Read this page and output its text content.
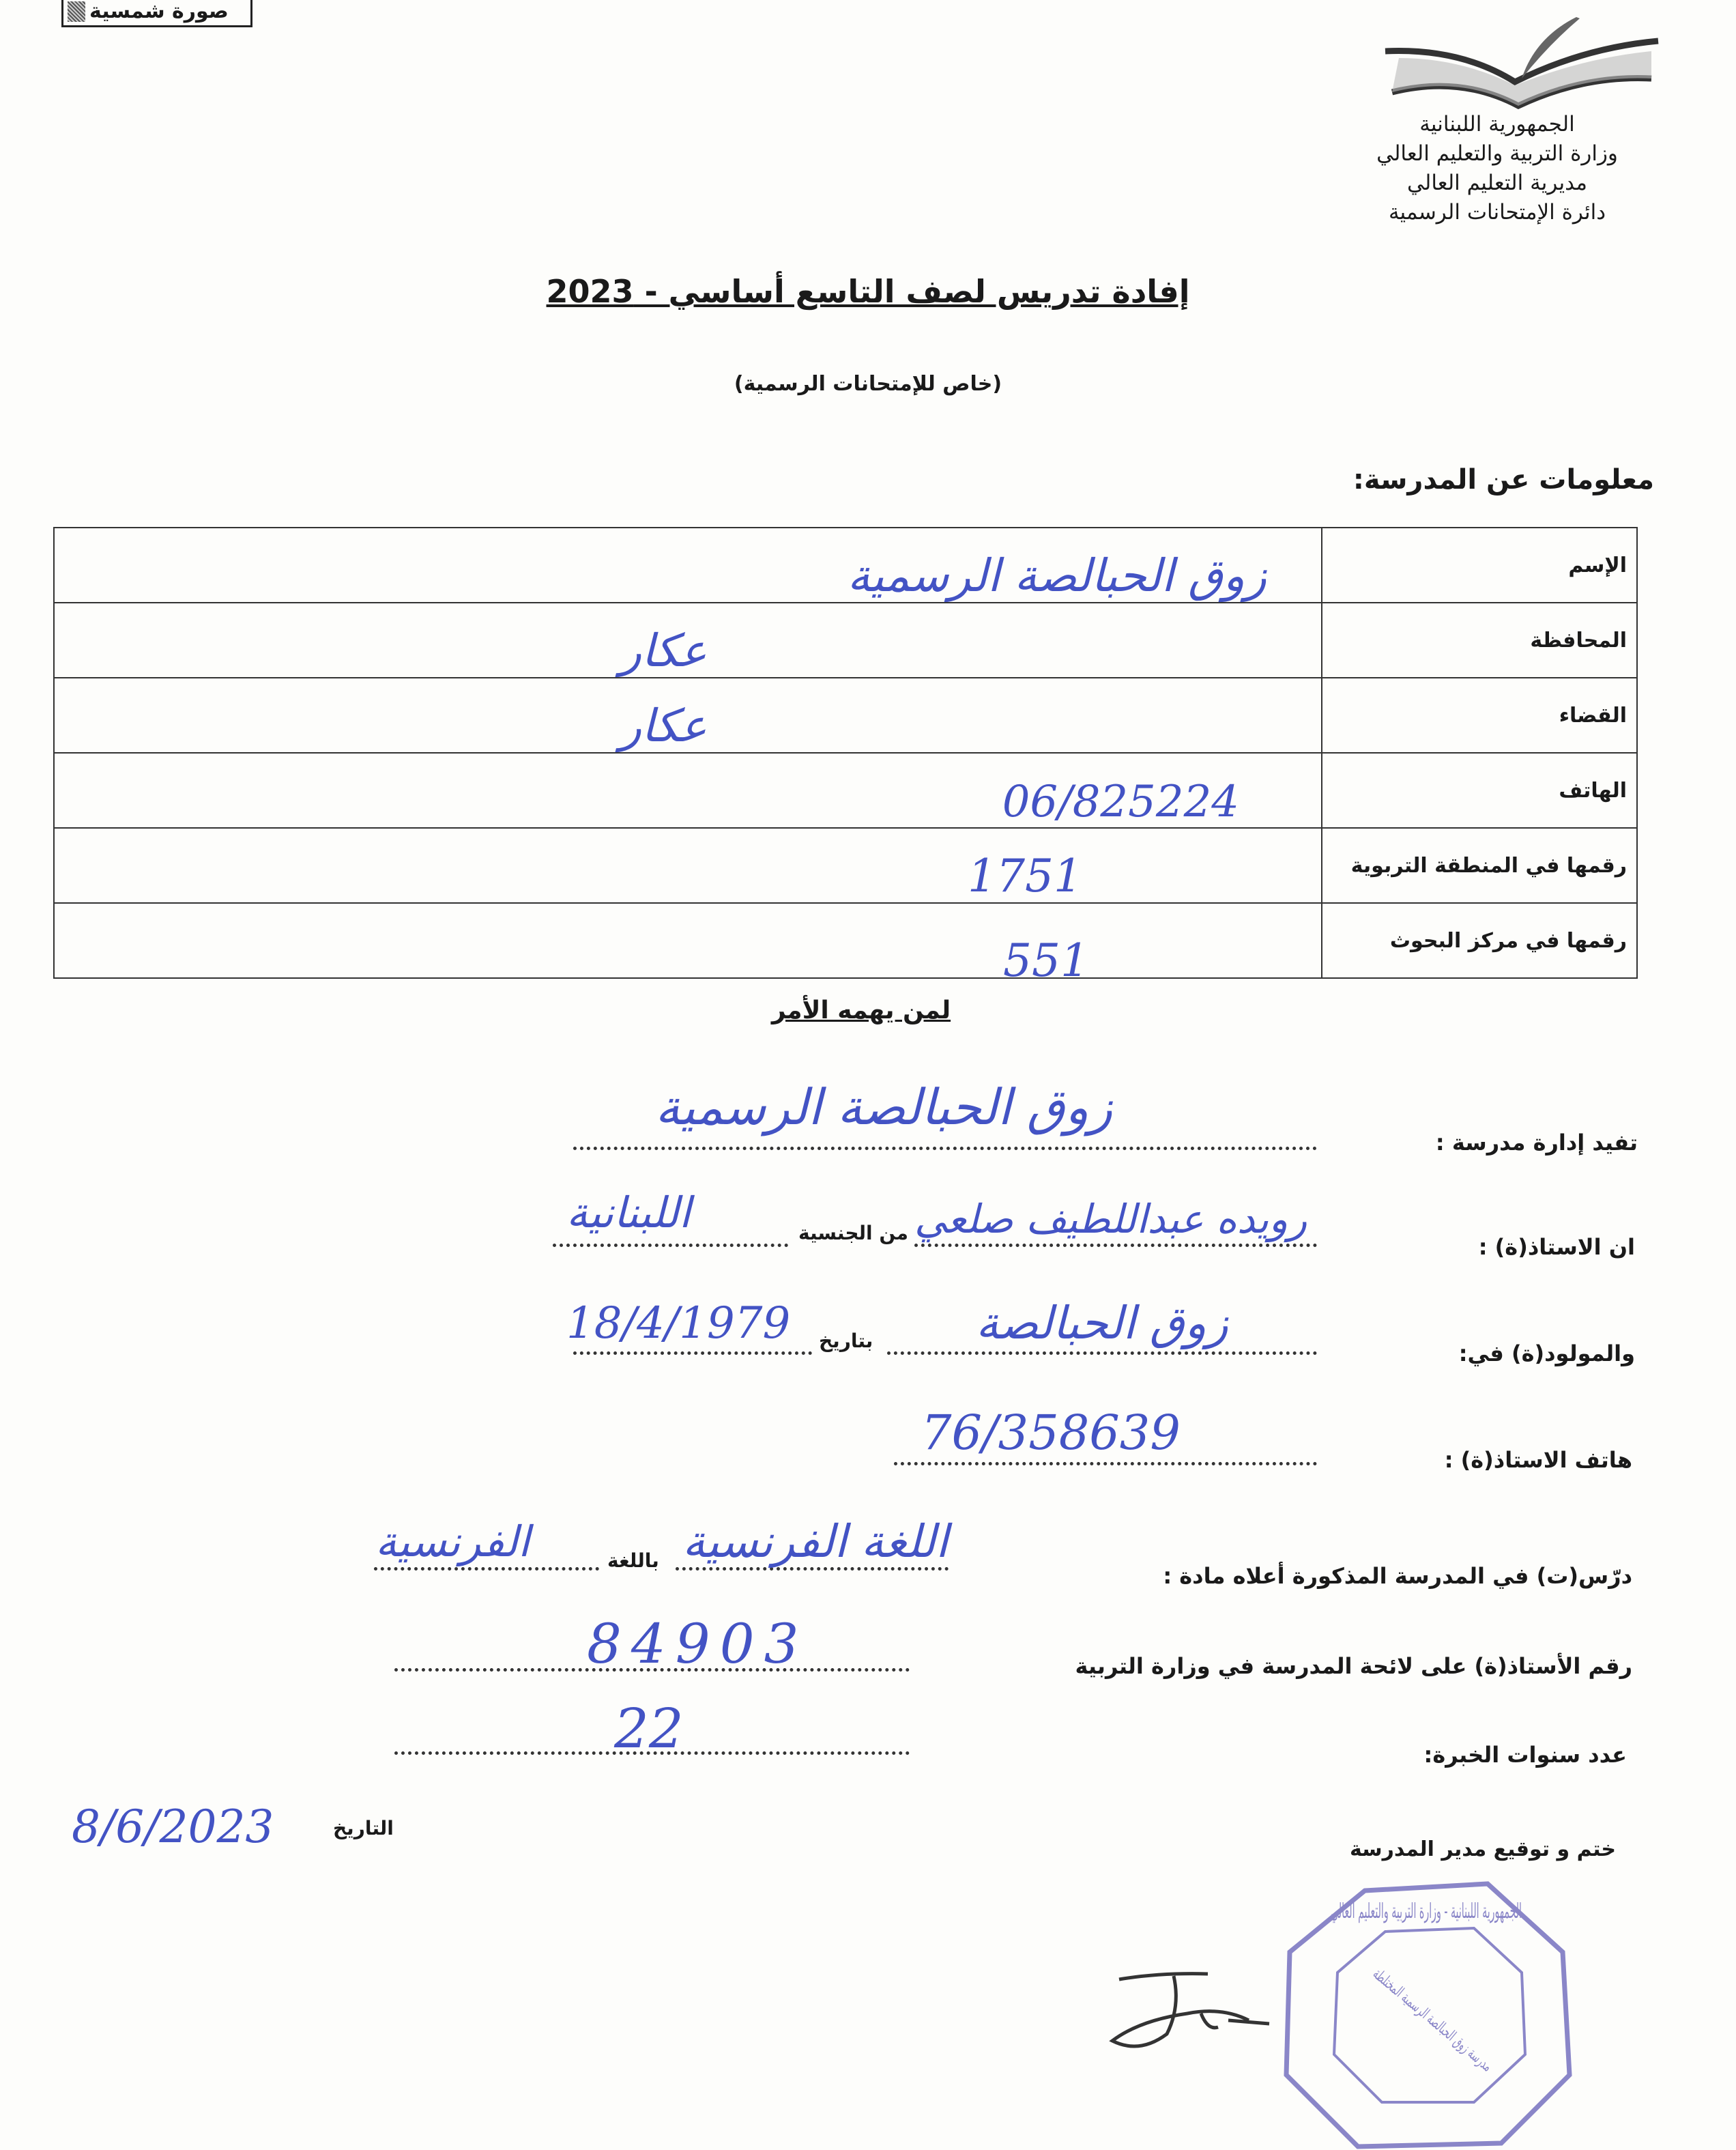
صورة شمسية
الجمهورية اللبنانية
وزارة التربية والتعليم العالي
مديرية التعليم العالي
دائرة الإمتحانات الرسمية
إفادة تدريس لصف التاسع أساسي - 2023
(خاص للإمتحانات الرسمية)
معلومات عن المدرسة:
الإسم	زوق الحبالصة الرسمية

المحافظة	عكار

القضاء	عكار

الهاتف	06/825224

رقمها في المنطقة التربوية	1751

رقمها في مركز البحوث	551
لمن يهمه الأمر
تفيد إدارة مدرسة :
زوق الحبالصة الرسمية
ان الاستاذ(ة) :
رويده عبداللطيف صلعي
من الجنسية
اللبنانية
والمولود(ة) في:
زوق الحبالصة
بتاريخ
18/4/1979
هاتف الاستاذ(ة) :
76/358639
درّس(ت) في المدرسة المذكورة أعلاه مادة :
اللغة الفرنسية
باللغة
الفرنسية
رقم الأستاذ(ة) على لائحة المدرسة في وزارة التربية
84903
عدد سنوات الخبرة:
22
8/6/2023	التاريخ
ختم و توقيع مدير المدرسة
الجمهورية اللبنانية - وزارة التربية والتعليم العالي
مدرسة زوق الحبالصة الرسمية المختلطة
